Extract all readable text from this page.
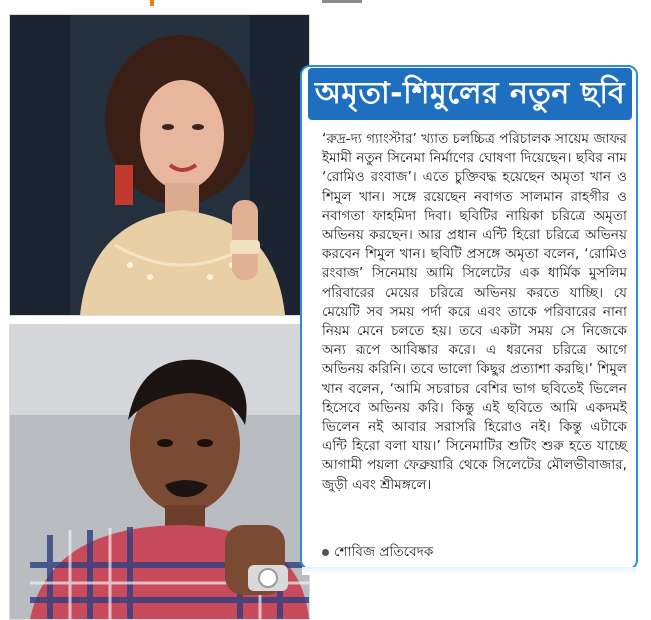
অমৃতা-শিমুলের নতুন ছবি
‘রুদ্র-দ্য গ্যাংস্টার’ খ্যাত চলচ্চিত্র পরিচালক সায়েম জাফর ইমামী নতুন সিনেমা নির্মাণের ঘোষণা দিয়েছেন। ছবির নাম ‘রোমিও রংবাজ’। এতে চুক্তিবদ্ধ হয়েছেন অমৃতা খান ও শিমুল খান। সঙ্গে রয়েছেন নবাগত সালমান রাহগীর ও নবাগতা ফাহমিদা দিবা। ছবিটির নায়িকা চরিত্রে অমৃতা অভিনয় করছেন। আর প্রধান এন্টি হিরো চরিত্রে অভিনয় করবেন শিমুল খান। ছবিটি প্রসঙ্গে অমৃতা বলেন, ‘রোমিও রংবাজ’ সিনেমায় আমি সিলেটের এক ধার্মিক মুসলিম পরিবারের মেয়ের চরিত্রে অভিনয় করতে যাচ্ছি। যে মেয়েটি সব সময় পর্দা করে এবং তাকে পরিবারের নানা নিয়ম মেনে চলতে হয়। তবে একটা সময় সে নিজেকে অন্য রূপে আবিষ্কার করে। এ ধরনের চরিত্রে আগে অভিনয় করিনি। তবে ভালো কিছুর প্রত্যাশা করছি।’ শিমুল খান বলেন, ‘আমি সচরাচর বেশির ভাগ ছবিতেই ভিলেন হিসেবে অভিনয় করি। কিন্তু এই ছবিতে আমি একদমই ভিলেন নই আবার সরাসরি হিরোও নই। কিন্তু এটাকে এন্টি হিরো বলা যায়।’ সিনেমাটির শুটিং শুরু হতে যাচ্ছে আগামী পয়লা ফেব্রুয়ারি থেকে সিলেটের মৌলভীবাজার, জুড়ী এবং শ্রীমঙ্গলে।
শোবিজ প্রতিবেদক
